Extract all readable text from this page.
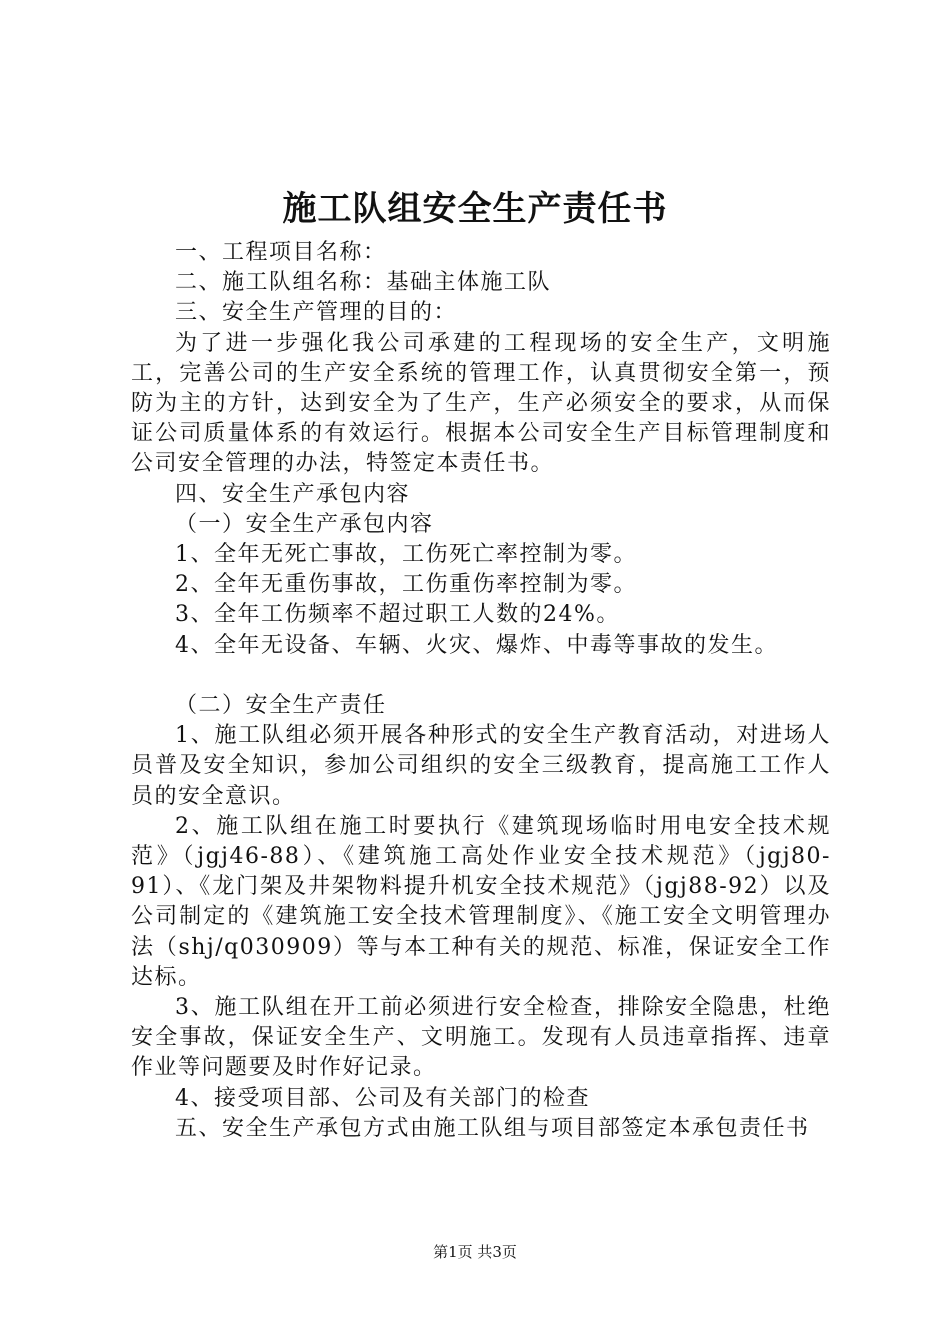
施工队组安全生产责任书

一、工程项目名称：

二、施工队组名称：基础主体施工队

三、安全生产管理的目的：

为了进一步强化我公司承建的工程现场的安全生产，文明施工，完善公司的生产安全系统的管理工作，认真贯彻安全第一，预防为主的方针，达到安全为了生产，生产必须安全的要求，从而保证公司质量体系的有效运行。根据本公司安全生产目标管理制度和公司安全管理的办法，特签定本责任书。

四、安全生产承包内容

（一）安全生产承包内容

1、全年无死亡事故，工伤死亡率控制为零。

2、全年无重伤事故，工伤重伤率控制为零。

3、全年工伤频率不超过职工人数的24%。

4、全年无设备、车辆、火灾、爆炸、中毒等事故的发生。

（二）安全生产责任

1、施工队组必须开展各种形式的安全生产教育活动，对进场人员普及安全知识，参加公司组织的安全三级教育，提高施工工作人员的安全意识。

2、施工队组在施工时要执行《建筑现场临时用电安全技术规范》（jgj46-88）、《建筑施工高处作业安全技术规范》（jgj80-91）、《龙门架及井架物料提升机安全技术规范》（jgj88-92）以及公司制定的《建筑施工安全技术管理制度》、《施工安全文明管理办法（shj/q030909）等与本工种有关的规范、标准，保证安全工作达标。

3、施工队组在开工前必须进行安全检查，排除安全隐患，杜绝安全事故，保证安全生产、文明施工。发现有人员违章指挥、违章作业等问题要及时作好记录。

4、接受项目部、公司及有关部门的检查

五、安全生产承包方式由施工队组与项目部签定本承包责任书

第1页 共3页
